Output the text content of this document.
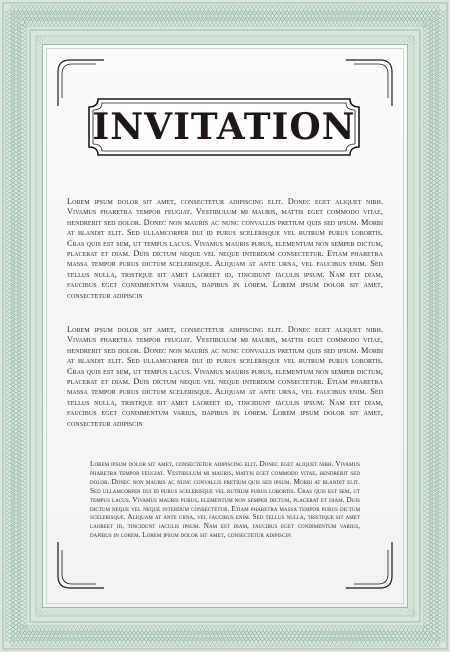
INVITATION

Lorem ipsum dolor sit amet, consectetur adipiscing elit. Donec eget aliquet nibh. Vivamus pharetra tempor feugiat. Vestibulum mi mauris, mattis eget commodo vitae, hendrerit sed dolor. Donec non mauris ac nunc convallis pretium quis sed ipsum. Morbi at blandit elit. Sed ullamcorper dui id purus scelerisque vel rutrum purus lobortis. Cras quis est sem, ut tempus lacus. Vivamus mauris purus, elementum non semper dictum, placerat et diam. Duis dictum neque vel neque interdum consectetur. Etiam pharetra massa tempor purus dictum scelerisque. Aliquam at ante urna, vel faucibus enim. Sed tellus nulla, tristique sit amet laoreet id, tincidunt iaculis ipsum. Nam est diam, faucibus eget condimentum varius, dapibus in lorem. Lorem ipsum dolor sit amet, consectetur adipiscin

Lorem ipsum dolor sit amet, consectetur adipiscing elit. Donec eget aliquet nibh. Vivamus pharetra tempor feugiat. Vestibulum mi mauris, mattis eget commodo vitae, hendrerit sed dolor. Donec non mauris ac nunc convallis pretium quis sed ipsum. Morbi at blandit elit. Sed ullamcorper dui id purus scelerisque vel rutrum purus lobortis. Cras quis est sem, ut tempus lacus. Vivamus mauris purus, elementum non semper dictum, placerat et diam. Duis dictum neque vel neque interdum consectetur. Etiam pharetra massa tempor purus dictum scelerisque. Aliquam at ante urna, vel faucibus enim. Sed tellus nulla, tristique sit amet laoreet id, tincidunt iaculis ipsum. Nam est diam, faucibus eget condimentum varius, dapibus in lorem. Lorem ipsum dolor sit amet, consectetur adipiscin

Lorem ipsum dolor sit amet, consectetur adipiscing elit. Donec eget aliquet nibh. Vivamus pharetra tempor feugiat. Vestibulum mi mauris, mattis eget commodo vitae, hendrerit sed dolor. Donec non mauris ac nunc convallis pretium quis sed ipsum. Morbi at blandit elit. Sed ullamcorper dui id purus scelerisque vel rutrum purus lobortis. Cras quis est sem, ut tempus lacus. Vivamus mauris purus, elementum non semper dictum, placerat et diam. Duis dictum neque vel neque interdum consectetur. Etiam pharetra massa tempor purus dictum scelerisque. Aliquam at ante urna, vel faucibus enim. Sed tellus nulla, tristique sit amet laoreet id, tincidunt iaculis ipsum. Nam est diam, faucibus eget condimentum varius, dapibus in lorem. Lorem ipsum dolor sit amet, consectetur adipiscin
